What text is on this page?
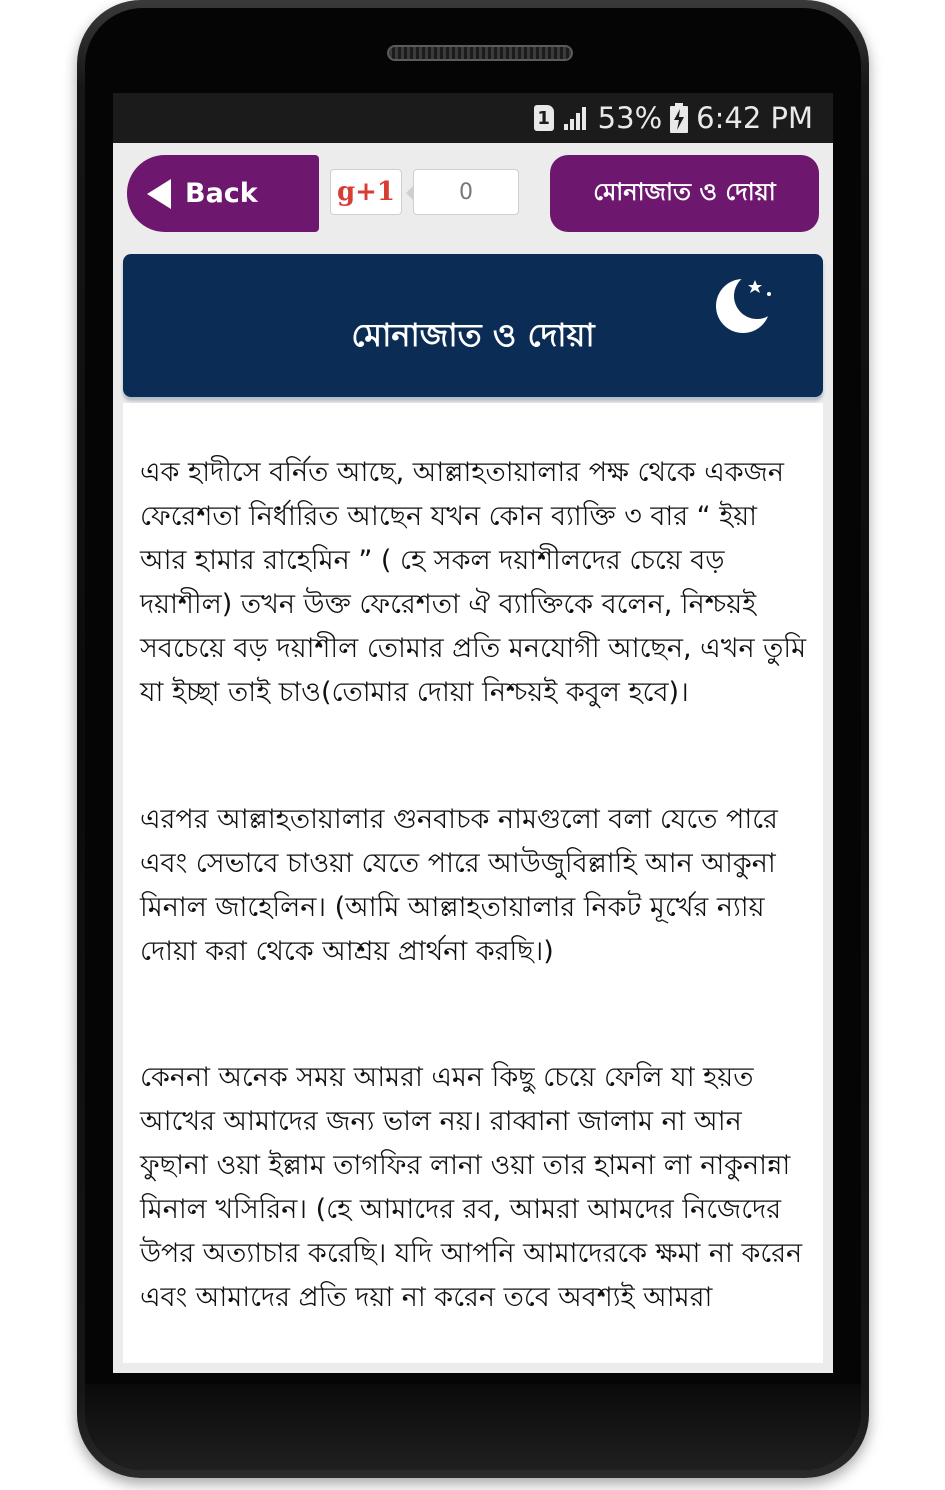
1 53% 6:42 PM
Back	g+1	0	মোনাজাত ও দোয়া
মোনাজাত ও দোয়া

এক হাদীসে বর্নিত আছে, আল্লাহতায়ালার পক্ষ থেকে একজন ফেরেশতা নির্ধারিত আছেন যখন কোন ব্যাক্তি ৩ বার “ ইয়া আর হামার রাহেমিন ” ( হে সকল দয়াশীলদের চেয়ে বড় দয়াশীল) তখন উক্ত ফেরেশতা ঐ ব্যাক্তিকে বলেন, নিশ্চয়ই সবচেয়ে বড় দয়াশীল তোমার প্রতি মনযোগী আছেন, এখন তুমি যা ইচ্ছা তাই চাও(তোমার দোয়া নিশ্চয়ই কবুল হবে)।

এরপর আল্লাহতায়ালার গুনবাচক নামগুলো বলা যেতে পারে এবং সেভাবে চাওয়া যেতে পারে আউজুবিল্লাহি আন আকুনা মিনাল জাহেলিন। (আমি আল্লাহতায়ালার নিকট মূর্খের ন্যায় দোয়া করা থেকে আশ্রয় প্রার্থনা করছি।)

কেননা অনেক সময় আমরা এমন কিছু চেয়ে ফেলি যা হয়ত আখের আমাদের জন্য ভাল নয়। রাব্বানা জালাম না আন ফুছানা ওয়া ইল্লাম তাগফির লানা ওয়া তার হামনা লা নাকুনান্না মিনাল খসিরিন। (হে আমাদের রব, আমরা আমদের নিজেদের উপর অত্যাচার করেছি। যদি আপনি আমাদেরকে ক্ষমা না করেন এবং আমাদের প্রতি দয়া না করেন তবে অবশ্যই আমরা
